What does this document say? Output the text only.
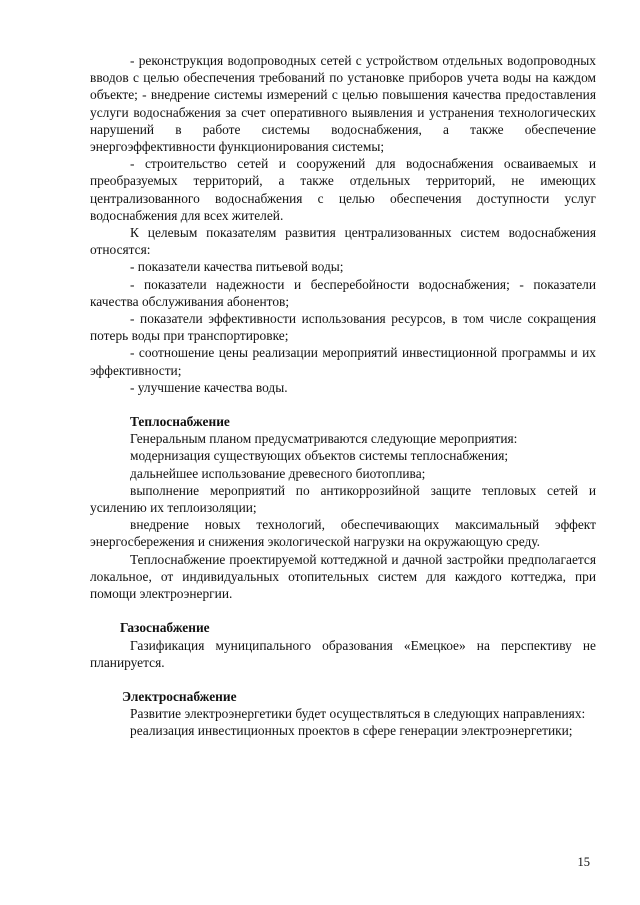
- реконструкция водопроводных сетей с устройством отдельных водопроводных вводов с целью обеспечения требований по установке приборов учета воды на каждом объекте; - внедрение системы измерений с целью повышения качества предоставления услуги водоснабжения за счет оперативного выявления и устранения технологических нарушений в работе системы водоснабжения, а также обеспечение энергоэффективности функционирования системы;

- строительство сетей и сооружений для водоснабжения осваиваемых и преобразуемых территорий, а также отдельных территорий, не имеющих централизованного водоснабжения с целью обеспечения доступности услуг водоснабжения для всех жителей.

К целевым показателям развития централизованных систем водоснабжения относятся:

- показатели качества питьевой воды;

- показатели надежности и бесперебойности водоснабжения; - показатели качества обслуживания абонентов;

- показатели эффективности использования ресурсов, в том числе сокращения потерь воды при транспортировке;

- соотношение цены реализации мероприятий инвестиционной программы и их эффективности;

- улучшение качества воды.

Теплоснабжение

Генеральным планом предусматриваются следующие мероприятия:

модернизация существующих объектов системы теплоснабжения;

дальнейшее использование древесного биотоплива;

выполнение мероприятий по антикоррозийной защите тепловых сетей и усилению их теплоизоляции;

внедрение новых технологий, обеспечивающих максимальный эффект энергосбережения и снижения экологической нагрузки на окружающую среду.

Теплоснабжение проектируемой коттеджной и дачной застройки предполагается локальное, от индивидуальных отопительных систем для каждого коттеджа, при помощи электроэнергии.

Газоснабжение

Газификация муниципального образования «Емецкое» на перспективу не планируется.

Электроснабжение

Развитие электроэнергетики будет осуществляться в следующих направлениях:

реализация инвестиционных проектов в сфере генерации электроэнергетики;

15
